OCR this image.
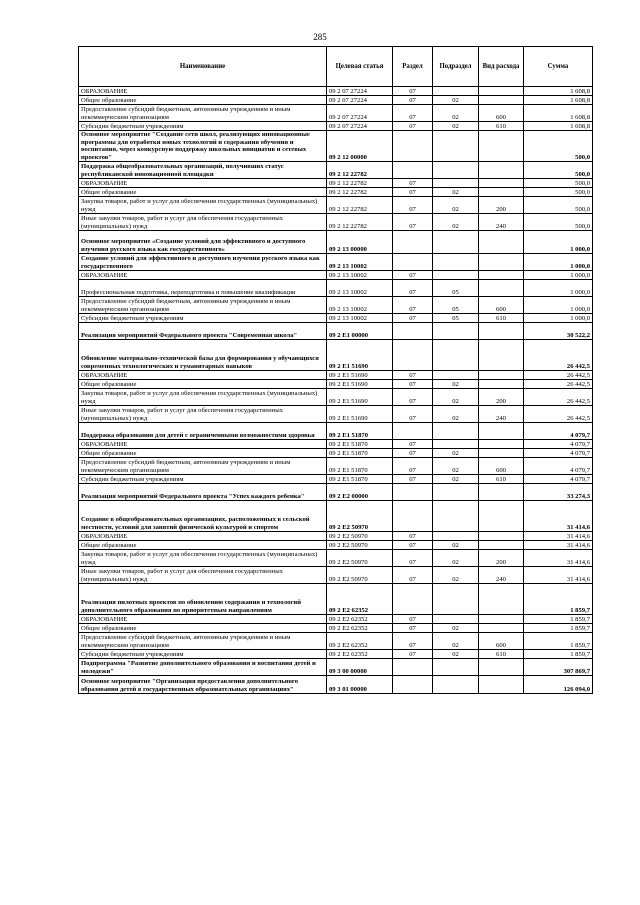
285
Наименование	Целевая статья	Раздел	Подраздел	Вид расхода	Сумма
ОБРАЗОВАНИЕ	09 2 07 27224	07			1 608,8
Общее образование	09 2 07 27224	07	02		1 608,8
Предоставление субсидий бюджетным, автономным учреждениям и иным некоммерческим организациям	09 2 07 27224	07	02	600	1 608,8
Субсидии бюджетным учреждениям	09 2 07 27224	07	02	610	1 608,8
Основное мероприятие "Создание сети школ, реализующих инновационные программы для отработки новых технологий и содержания обучения и воспитания, через конкурсную поддержку школьных инициатив и сетевых проектов"	09 2 12 00000				500,0
Поддержка общеобразовательных организаций, получивших статус республиканской инновационной площадки	09 2 12 22782				500,0
ОБРАЗОВАНИЕ	09 2 12 22782	07			500,0
Общее образование	09 2 12 22782	07	02		500,0
Закупка товаров, работ и услуг для обеспечения государственных (муниципальных) нужд	09 2 12 22782	07	02	200	500,0
Иные закупки товаров, работ и услуг для обеспечения государственных (муниципальных) нужд	09 2 12 22782	07	02	240	500,0
Основное мероприятие «Создание условий для эффективного и доступного изучения русского языка как государственного»	09 2 13 00000				1 000,0
Создание условий для эффективного и доступного изучения русского языка как государственного	09 2 13 10002				1 000,0
ОБРАЗОВАНИЕ	09 2 13 10002	07			1 000,0
Профессиональная подготовка, переподготовка и повышение квалификации	09 2 13 10002	07	05		1 000,0
Предоставление субсидий бюджетным, автономным учреждениям и иным некоммерческим организациям	09 2 13 10002	07	05	600	1 000,0
Субсидии бюджетным учреждениям	09 2 13 10002	07	05	610	1 000,0
Реализация мероприятий Федерального проекта "Современная школа"	09 2 E1 00000				30 522,2
Обновление материально-технической базы для формирования у обучающихся современных технологических и гуманитарных навыков	09 2 E1 51690				26 442,5
ОБРАЗОВАНИЕ	09 2 E1 51690	07			26 442,5
Общее образование	09 2 E1 51690	07	02		26 442,5
Закупка товаров, работ и услуг для обеспечения государственных (муниципальных) нужд	09 2 E1 51690	07	02	200	26 442,5
Иные закупки товаров, работ и услуг для обеспечения государственных (муниципальных) нужд	09 2 E1 51690	07	02	240	26 442,5
Поддержка образования для детей с ограниченными возможностями здоровья	09 2 E1 51870				4 079,7
ОБРАЗОВАНИЕ	09 2 E1 51870	07			4 079,7
Общее образование	09 2 E1 51870	07	02		4 079,7
Предоставление субсидий бюджетным, автономным учреждениям и иным некоммерческим организациям	09 2 E1 51870	07	02	600	4 079,7
Субсидии бюджетным учреждениям	09 2 E1 51870	07	02	610	4 079,7
Реализация мероприятий Федерального проекта "Успех каждого ребенка"	09 2 E2 00000				33 274,3
Создание в общеобразовательных организациях, расположенных в сельской местности, условий для занятий физической культурой и спортом	09 2 E2 50970				31 414,6
ОБРАЗОВАНИЕ	09 2 E2 50970	07			31 414,6
Общее образование	09 2 E2 50970	07	02		31 414,6
Закупка товаров, работ и услуг для обеспечения государственных (муниципальных) нужд	09 2 E2 50970	07	02	200	31 414,6
Иные закупки товаров, работ и услуг для обеспечения государственных (муниципальных) нужд	09 2 E2 50970	07	02	240	31 414,6
Реализация пилотных проектов по обновлению содержания и технологий дополнительного образования по приоритетным направлениям	09 2 E2 62352				1 859,7
ОБРАЗОВАНИЕ	09 2 E2 62352	07			1 859,7
Общее образование	09 2 E2 62352	07	02		1 859,7
Предоставление субсидий бюджетным, автономным учреждениям и иным некоммерческим организациям	09 2 E2 62352	07	02	600	1 859,7
Субсидии бюджетным учреждениям	09 2 E2 62352	07	02	610	1 859,7
Подпрограмма "Развитие дополнительного образования и воспитания детей и молодежи"	09 3 00 00000				307 869,7
Основное мероприятие "Организация предоставления дополнительного образования детей в государственных образовательных организациях"	09 3 01 00000				126 094,0
